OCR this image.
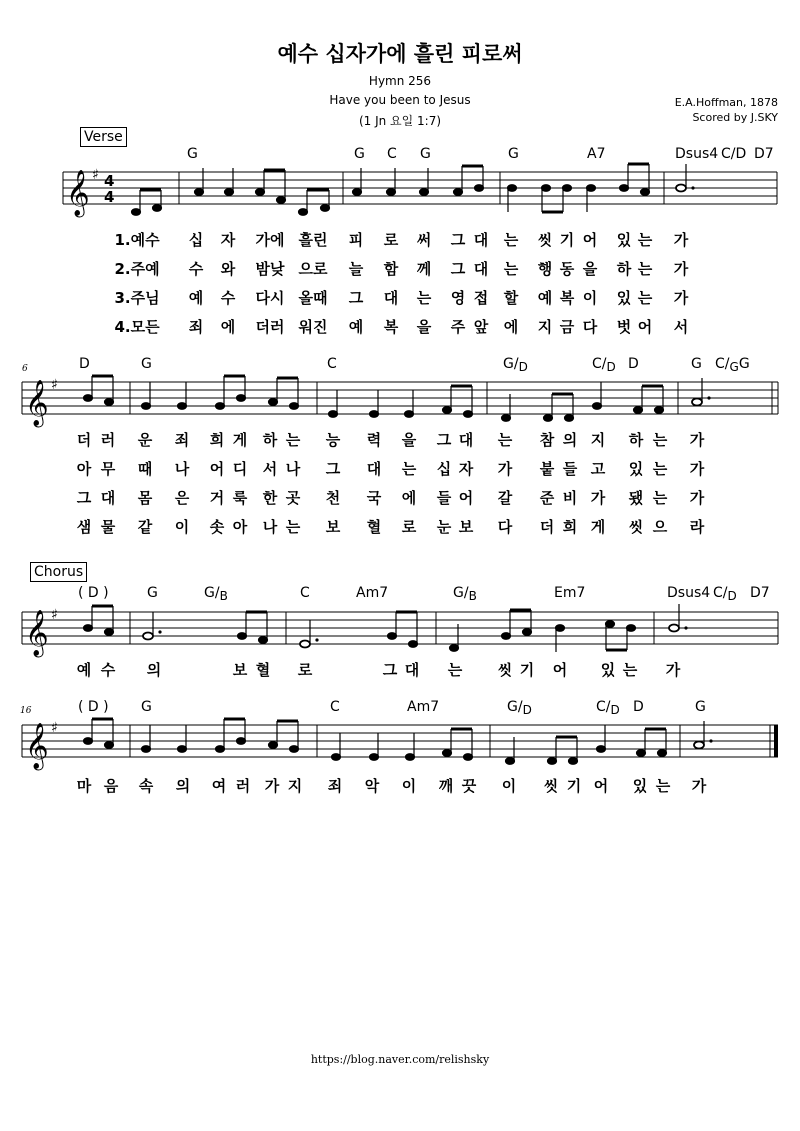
예수 십자가에 흘린 피로써
Hymn 256
Have you been to Jesus
(1 Jn 요일 1:7)
E.A.Hoffman, 1878
Scored by J.SKY
Verse
G	G C G	G	A7	Dsus4 C/D D7
𝄞 ♯ 4
4
1.예수	십	자	가에 흘린	피	로	써	그 대	는	씻 기 어	있 는	가
2.주예	수	와	밤낮 으로	늘	함	께	그 대	는	행 동 을	하 는	가
3.주님	예	수	다시 올때	그	대	는	영 접	할	예 복 이	있 는	가
4.모든	죄	에	더러 워진	예	복	을	주 앞	에	지 금 다	벗 어	서
6	D	G	C	$G/_D$	$C/_D$ D	G $C/_GG$
𝄞 ♯
더 러	운	죄	희 게	하 는	능	력	을	그 대	는	참 의 지	하 는	가
아 무	때	나	어 디	서 나	그	대	는	십 자	가	붙 들 고	있 는	가
그 대	몸	은	거 룩	한 곳	천	국	에	들 어	갈	준 비 가	됐 는	가
샘 물	같	이	솟 아	나 는	보	혈	로	눈 보	다	더 희 게	씻 으	라
Chorus
( D )	G	$G/_B$	C	Am7	$G/_B$	Em7	Dsus4 $C/_D$ D7
𝄞 ♯
예 수	의	보 혈	로	그 대	는	씻 기	어	있 는	가
16	( D ) G	C	Am7	$G/_D$	$C/_D$ D	G
𝄞 ♯
마 음	속	의	여 러 가 지	죄	악	이	깨 끗	이	씻 기 어	있 는	가
https://blog.naver.com/relishsky
